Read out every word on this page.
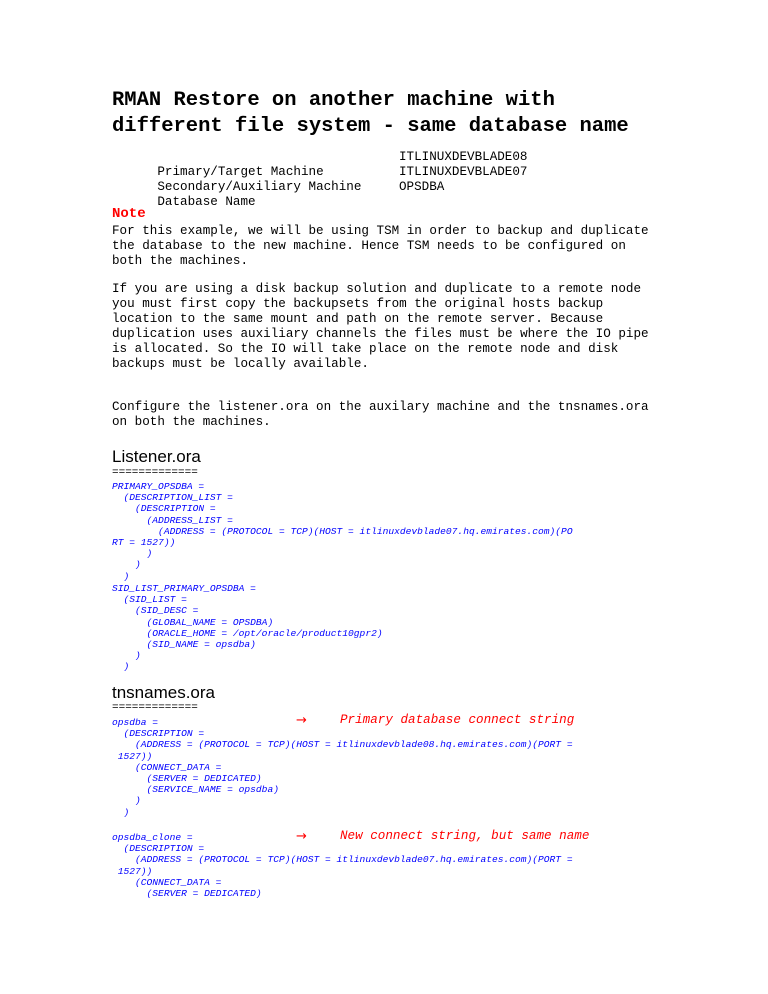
RMAN Restore on another machine with
different file system - same database name

Primary/Target Machine

ITLINUXDEVBLADE08

Secondary/Auxiliary Machine

ITLINUXDEVBLADE07

Database Name

OPSDBA

Note
For this example, we will be using TSM in order to backup and duplicate
the database to the new machine. Hence TSM needs to be configured on
both the machines.
If you are using a disk backup solution and duplicate to a remote node
you must first copy the backupsets from the original hosts backup
location to the same mount and path on the remote server. Because
duplication uses auxiliary channels the files must be where the IO pipe
is allocated. So the IO will take place on the remote node and disk
backups must be locally available.
Configure the listener.ora on the auxilary machine and the tnsnames.ora
on both the machines.
Listener.ora
=============
PRIMARY_OPSDBA =
(DESCRIPTION_LIST =
(DESCRIPTION =
(ADDRESS_LIST =
(ADDRESS = (PROTOCOL = TCP)(HOST = itlinuxdevblade07.hq.emirates.com)(PO
RT = 1527))
)
)
)
SID_LIST_PRIMARY_OPSDBA =
(SID_LIST =
(SID_DESC =
(GLOBAL_NAME = OPSDBA)
(ORACLE_HOME = /opt/oracle/product10gpr2)
(SID_NAME = opsdba)
)
)
tnsnames.ora
=============
opsdba =
(DESCRIPTION =
(ADDRESS = (PROTOCOL = TCP)(HOST = itlinuxdevblade08.hq.emirates.com)(PORT =
1527))
(CONNECT_DATA =
(SERVER = DEDICATED)
(SERVICE_NAME = opsdba)
)
)
→	Primary database connect string
opsdba_clone =
(DESCRIPTION =
(ADDRESS = (PROTOCOL = TCP)(HOST = itlinuxdevblade07.hq.emirates.com)(PORT =
1527))
(CONNECT_DATA =
(SERVER = DEDICATED)
→	New connect string, but same name
